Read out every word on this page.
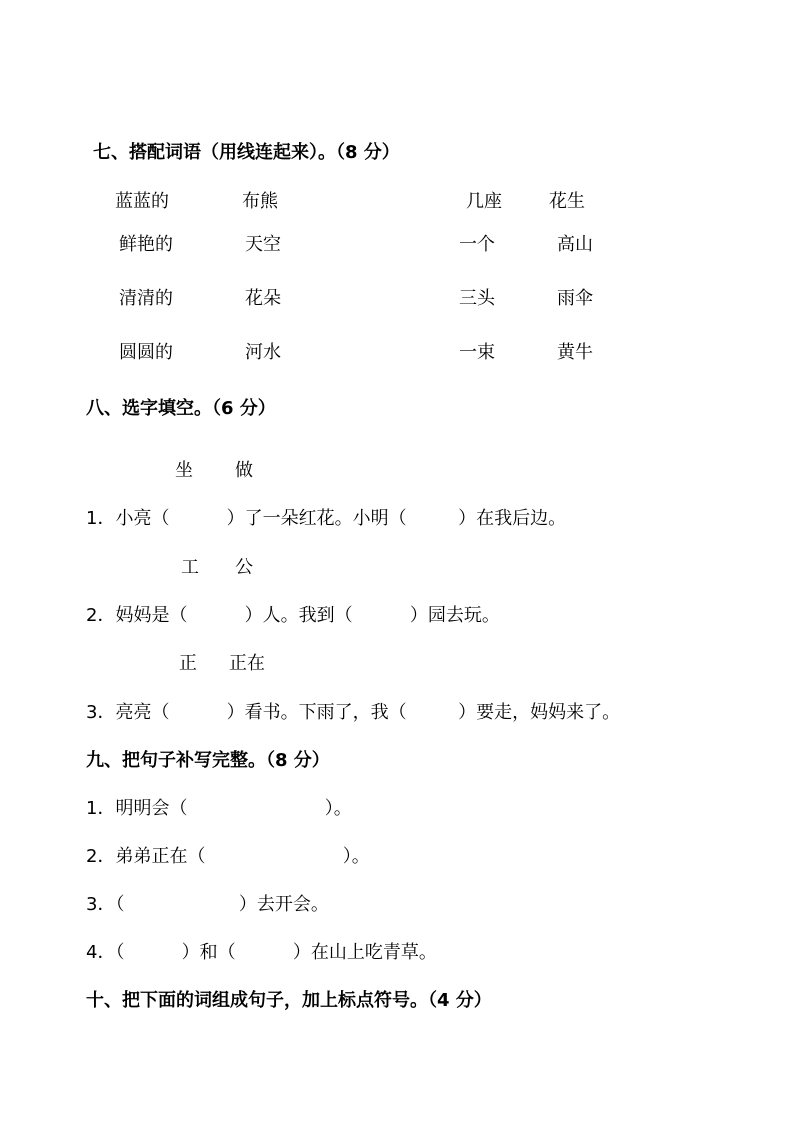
七、搭配词语（用线连起来）。（8 分）
蓝蓝的	布熊	几座	花生
鲜艳的	天空	一个	高山
清清的	花朵	三头	雨伞
圆圆的	河水	一束	黄牛
八、选字填空。（6 分）
坐 做
1．小亮（          ）了一朵红花。小明（         ）在我后边。
工 公
2．妈妈是（          ）人。我到（          ）园去玩。
正 正在
3．亮亮（          ）看书。下雨了，我（         ）要走，妈妈来了。
九、把句子补写完整。（8 分）
1．明明会（                        ）。
2．弟弟正在（                        ）。
3．（                    ）去开会。
4．（          ）和（          ）在山上吃青草。
十、把下面的词组成句子，加上标点符号。（4 分）
